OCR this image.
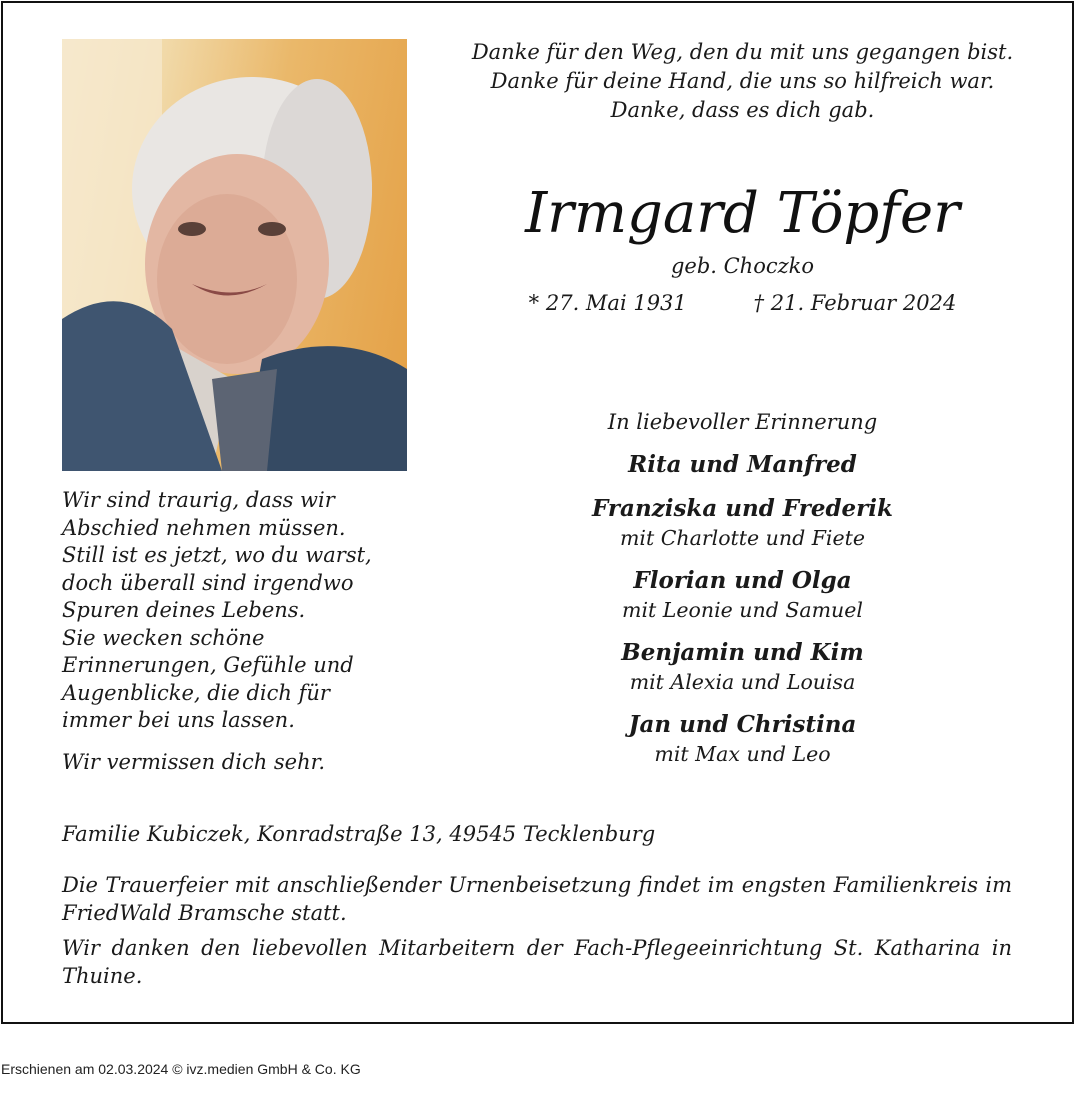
Danke für den Weg, den du mit uns gegangen bist.
Danke für deine Hand, die uns so hilfreich war.
Danke, dass es dich gab.
Irmgard Töpfer
geb. Choczko
* 27. Mai 1931	† 21. Februar 2024
In liebevoller Erinnerung
Rita und Manfred
Franziska und Frederik
mit Charlotte und Fiete
Florian und Olga
mit Leonie und Samuel
Benjamin und Kim
mit Alexia und Louisa
Jan und Christina
mit Max und Leo
Wir sind traurig, dass wir
Abschied nehmen müssen.
Still ist es jetzt, wo du warst,
doch überall sind irgendwo
Spuren deines Lebens.
Sie wecken schöne
Erinnerungen, Gefühle und
Augenblicke, die dich für
immer bei uns lassen.
Wir vermissen dich sehr.
Familie Kubiczek, Konradstraße 13, 49545 Tecklenburg
Die Trauerfeier mit anschließender Urnenbeisetzung findet im engsten Familienkreis im FriedWald Bramsche statt.
Wir danken den liebevollen Mitarbeitern der Fach-Pflegeeinrichtung St. Katharina in Thuine.
Erschienen am 02.03.2024 © ivz.medien GmbH & Co. KG
